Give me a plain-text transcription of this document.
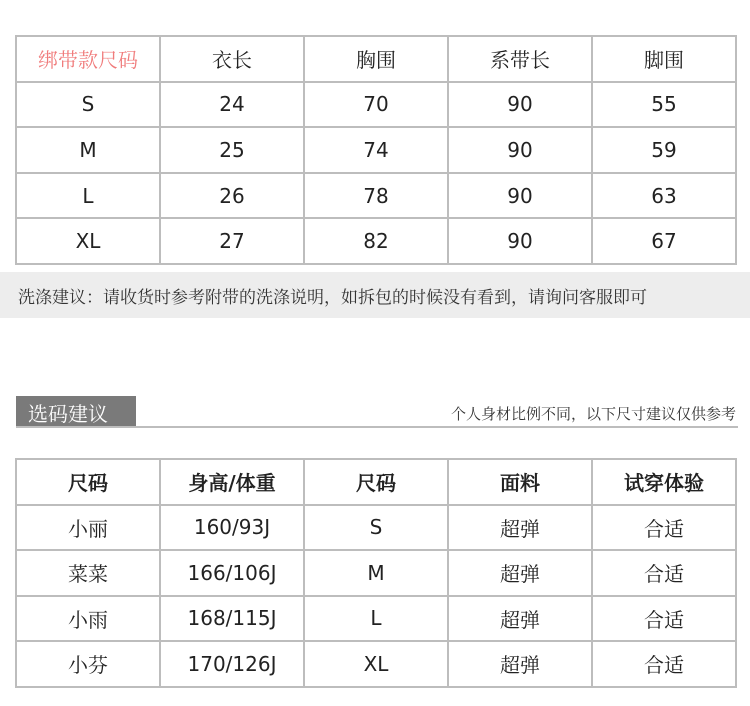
绑带款尺码	衣长	胸围	系带长	脚围
S	24	70	90	55
M	25	74	90	59
L	26	78	90	63
XL	27	82	90	67
洗涤建议：请收货时参考附带的洗涤说明，如拆包的时候没有看到，请询问客服即可
选码建议	个人身材比例不同，以下尺寸建议仅供参考
尺码	身高/体重	尺码	面料	试穿体验
小丽	160/93J	S	超弹	合适
菜菜	166/106J	M	超弹	合适
小雨	168/115J	L	超弹	合适
小芬	170/126J	XL	超弹	合适
